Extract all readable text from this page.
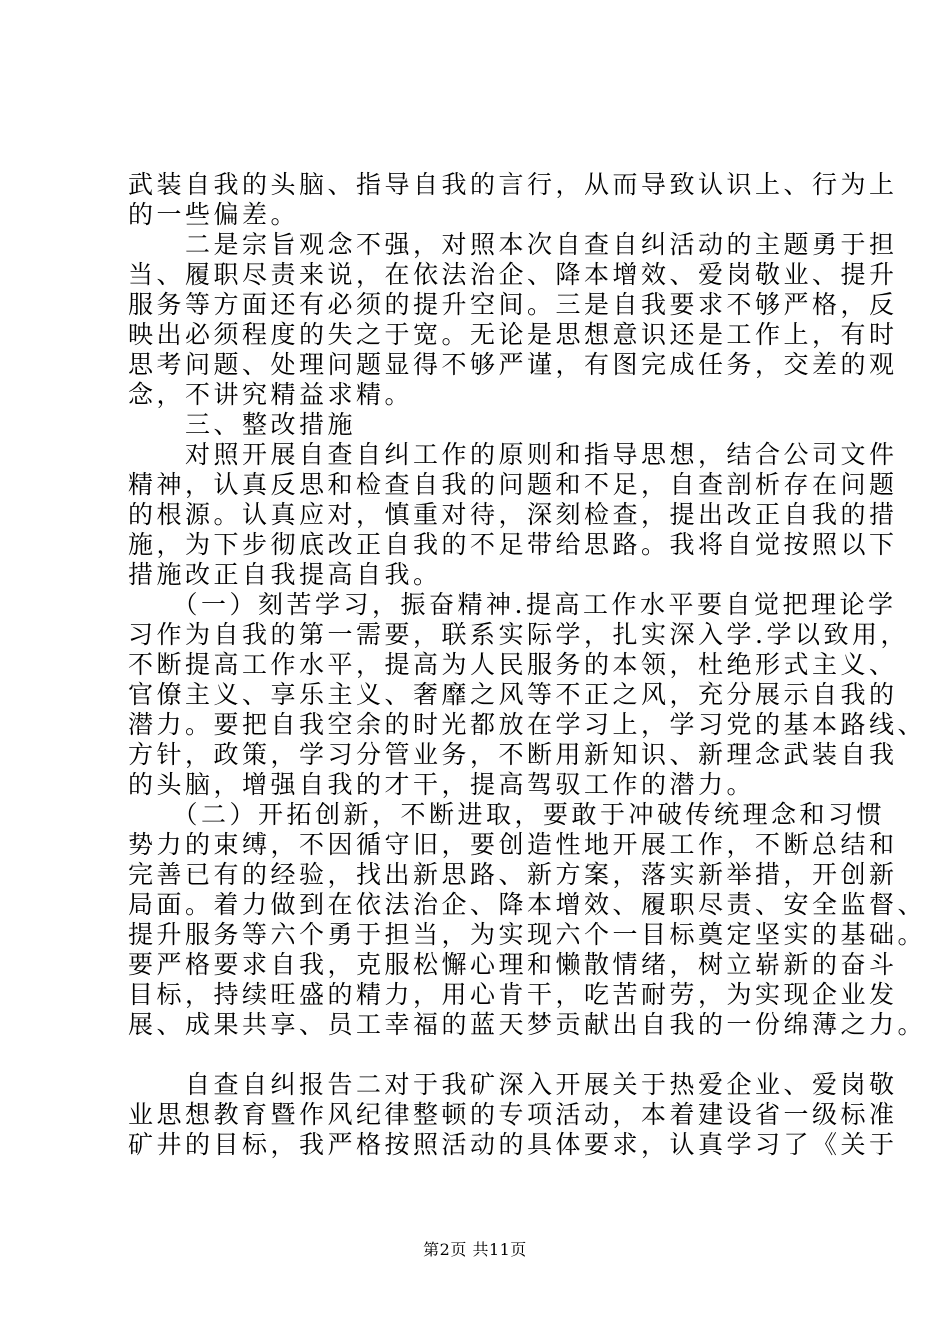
武装自我的头脑、指导自我的言行，从而导致认识上、行为上
的一些偏差。
　　二是宗旨观念不强，对照本次自查自纠活动的主题勇于担
当、履职尽责来说，在依法治企、降本增效、爱岗敬业、提升
服务等方面还有必须的提升空间。三是自我要求不够严格，反
映出必须程度的失之于宽。无论是思想意识还是工作上，有时
思考问题、处理问题显得不够严谨，有图完成任务，交差的观
念，不讲究精益求精。
　　三、整改措施
　　对照开展自查自纠工作的原则和指导思想，结合公司文件
精神，认真反思和检查自我的问题和不足，自查剖析存在问题
的根源。认真应对，慎重对待，深刻检查，提出改正自我的措
施，为下步彻底改正自我的不足带给思路。我将自觉按照以下
措施改正自我提高自我。
　　（一）刻苦学习，振奋精神.提高工作水平要自觉把理论学
习作为自我的第一需要，联系实际学，扎实深入学.学以致用，
不断提高工作水平，提高为人民服务的本领，杜绝形式主义、
官僚主义、享乐主义、奢靡之风等不正之风，充分展示自我的
潜力。要把自我空余的时光都放在学习上，学习党的基本路线、
方针，政策，学习分管业务，不断用新知识、新理念武装自我
的头脑，增强自我的才干，提高驾驭工作的潜力。
　　（二）开拓创新，不断进取，要敢于冲破传统理念和习惯
势力的束缚，不因循守旧，要创造性地开展工作，不断总结和
完善已有的经验，找出新思路、新方案，落实新举措，开创新
局面。着力做到在依法治企、降本增效、履职尽责、安全监督、
提升服务等六个勇于担当，为实现六个一目标奠定坚实的基础。
要严格要求自我，克服松懈心理和懒散情绪，树立崭新的奋斗
目标，持续旺盛的精力，用心肯干，吃苦耐劳，为实现企业发
展、成果共享、员工幸福的蓝天梦贡献出自我的一份绵薄之力。
　　自查自纠报告二对于我矿深入开展关于热爱企业、爱岗敬
业思想教育暨作风纪律整顿的专项活动，本着建设省一级标准
矿井的目标，我严格按照活动的具体要求，认真学习了《关于
第2页 共11页
